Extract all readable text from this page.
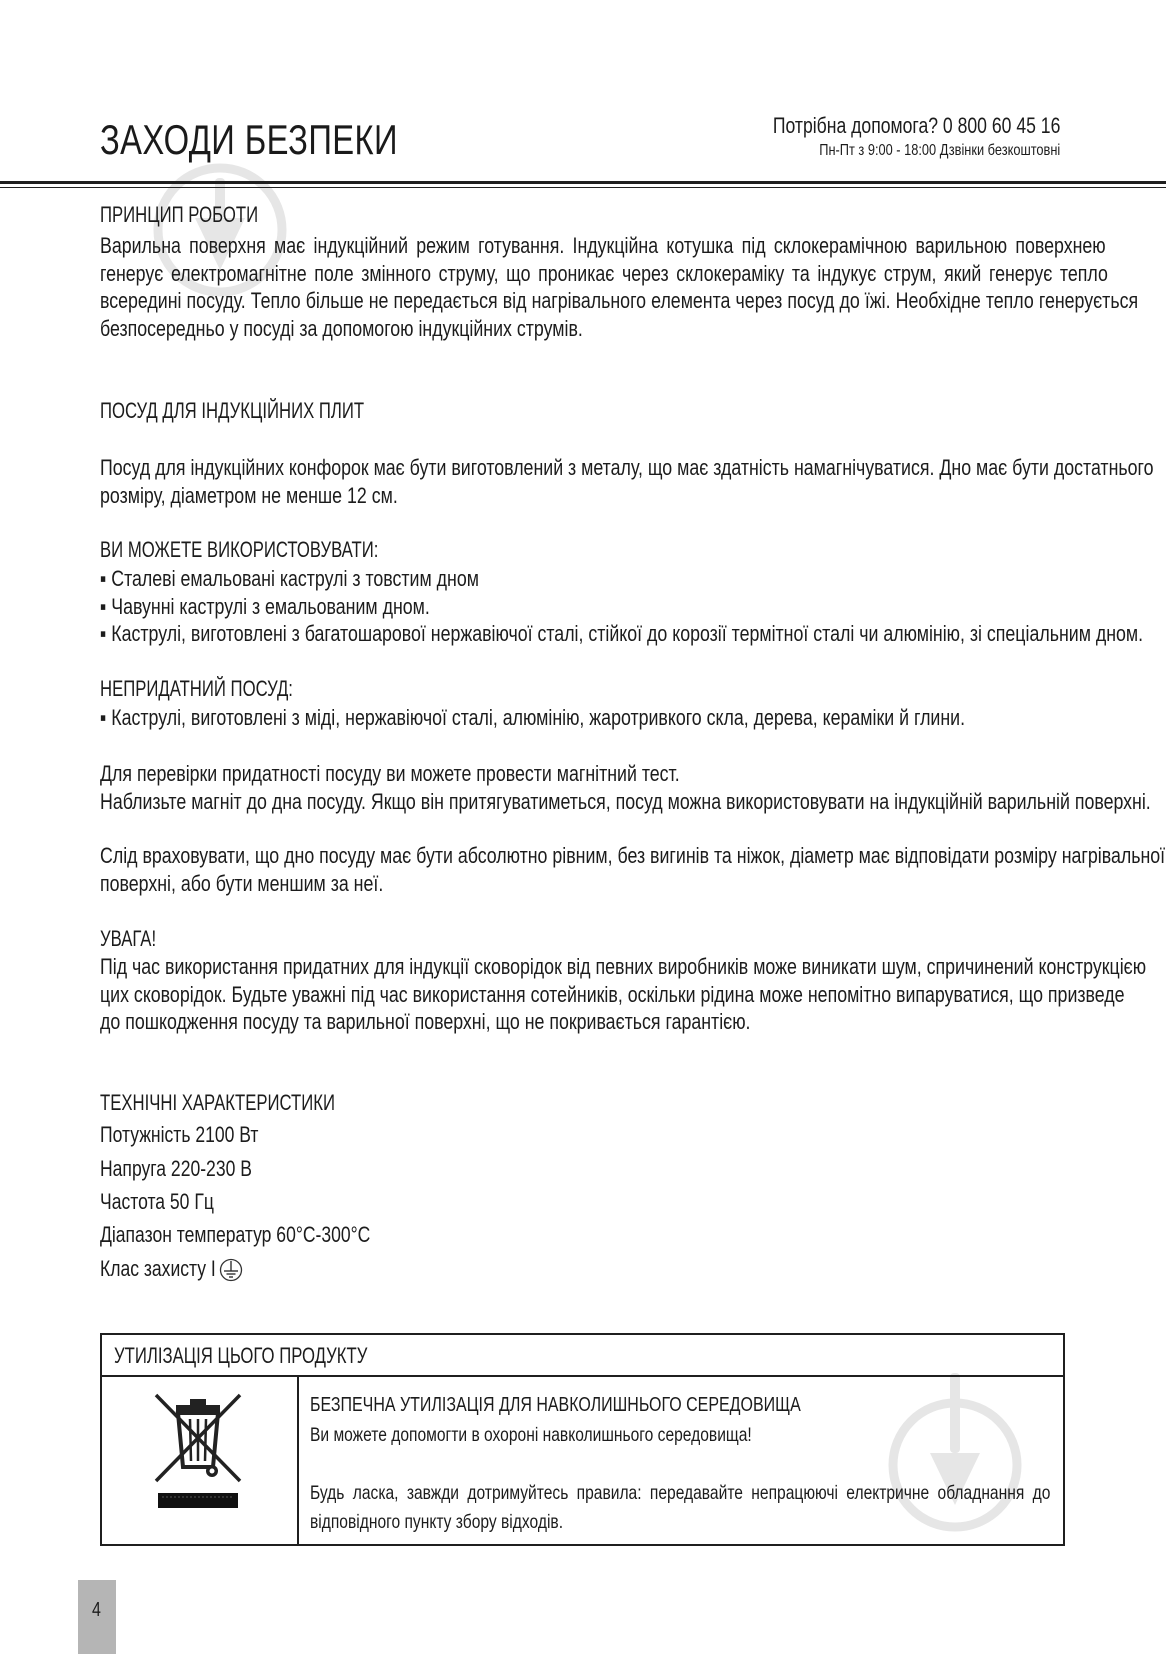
ЗАХОДИ БЕЗПЕКИ	Потрібна допомога? 0 800 60 45 16
Пн-Пт з 9:00 - 18:00 Дзвінки безкоштовні
ПРИНЦИП РОБОТИ
Варильна поверхня має індукційний режим готування. Індукційна котушка під склокерамічною варильною поверхнею
генерує електромагнітне поле змінного струму, що проникає через склокераміку та індукує струм, який генерує тепло
всередині посуду. Тепло більше не передається від нагрівального елемента через посуд до їжі. Необхідне тепло генерується
безпосередньо у посуді за допомогою індукційних струмів.
ПОСУД ДЛЯ ІНДУКЦІЙНИХ ПЛИТ
Посуд для індукційних конфорок має бути виготовлений з металу, що має здатність намагнічуватися. Дно має бути достатнього
розміру, діаметром не менше 12 см.
ВИ МОЖЕТЕ ВИКОРИСТОВУВАТИ:
▪ Сталеві емальовані каструлі з товстим дном
▪ Чавунні каструлі з емальованим дном.
▪ Каструлі, виготовлені з багатошарової нержавіючої сталі, стійкої до корозії термітної сталі чи алюмінію, зі спеціальним дном.
НЕПРИДАТНИЙ ПОСУД:
▪ Каструлі, виготовлені з міді, нержавіючої сталі, алюмінію, жаротривкого скла, дерева, кераміки й глини.
Для перевірки придатності посуду ви можете провести магнітний тест.
Наблизьте магніт до дна посуду. Якщо він притягуватиметься, посуд можна використовувати на індукційній варильній поверхні.
Слід враховувати, що дно посуду має бути абсолютно рівним, без вигинів та ніжок, діаметр має відповідати розміру нагрівальної
поверхні, або бути меншим за неї.
УВАГА!
Під час використання придатних для індукції сковорідок від певних виробників може виникати шум, спричинений конструкцією
цих сковорідок. Будьте уважні під час використання сотейників, оскільки рідина може непомітно випаруватися, що призведе
до пошкодження посуду та варильної поверхні, що не покривається гарантією.
ТЕХНІЧНІ ХАРАКТЕРИСТИКИ
Потужність 2100 Вт
Напруга 220-230 В
Частота 50 Гц
Діапазон температур 60°С-300°С
Клас захисту І
УТИЛІЗАЦІЯ ЦЬОГО ПРОДУКТУ
БЕЗПЕЧНА УТИЛІЗАЦІЯ ДЛЯ НАВКОЛИШНЬОГО СЕРЕДОВИЩА
Ви можете допомогти в охороні навколишнього середовища!
Будь ласка, завжди дотримуйтесь правила: передавайте непрацюючі електричне обладнання до
відповідного пункту збору відходів.
4
